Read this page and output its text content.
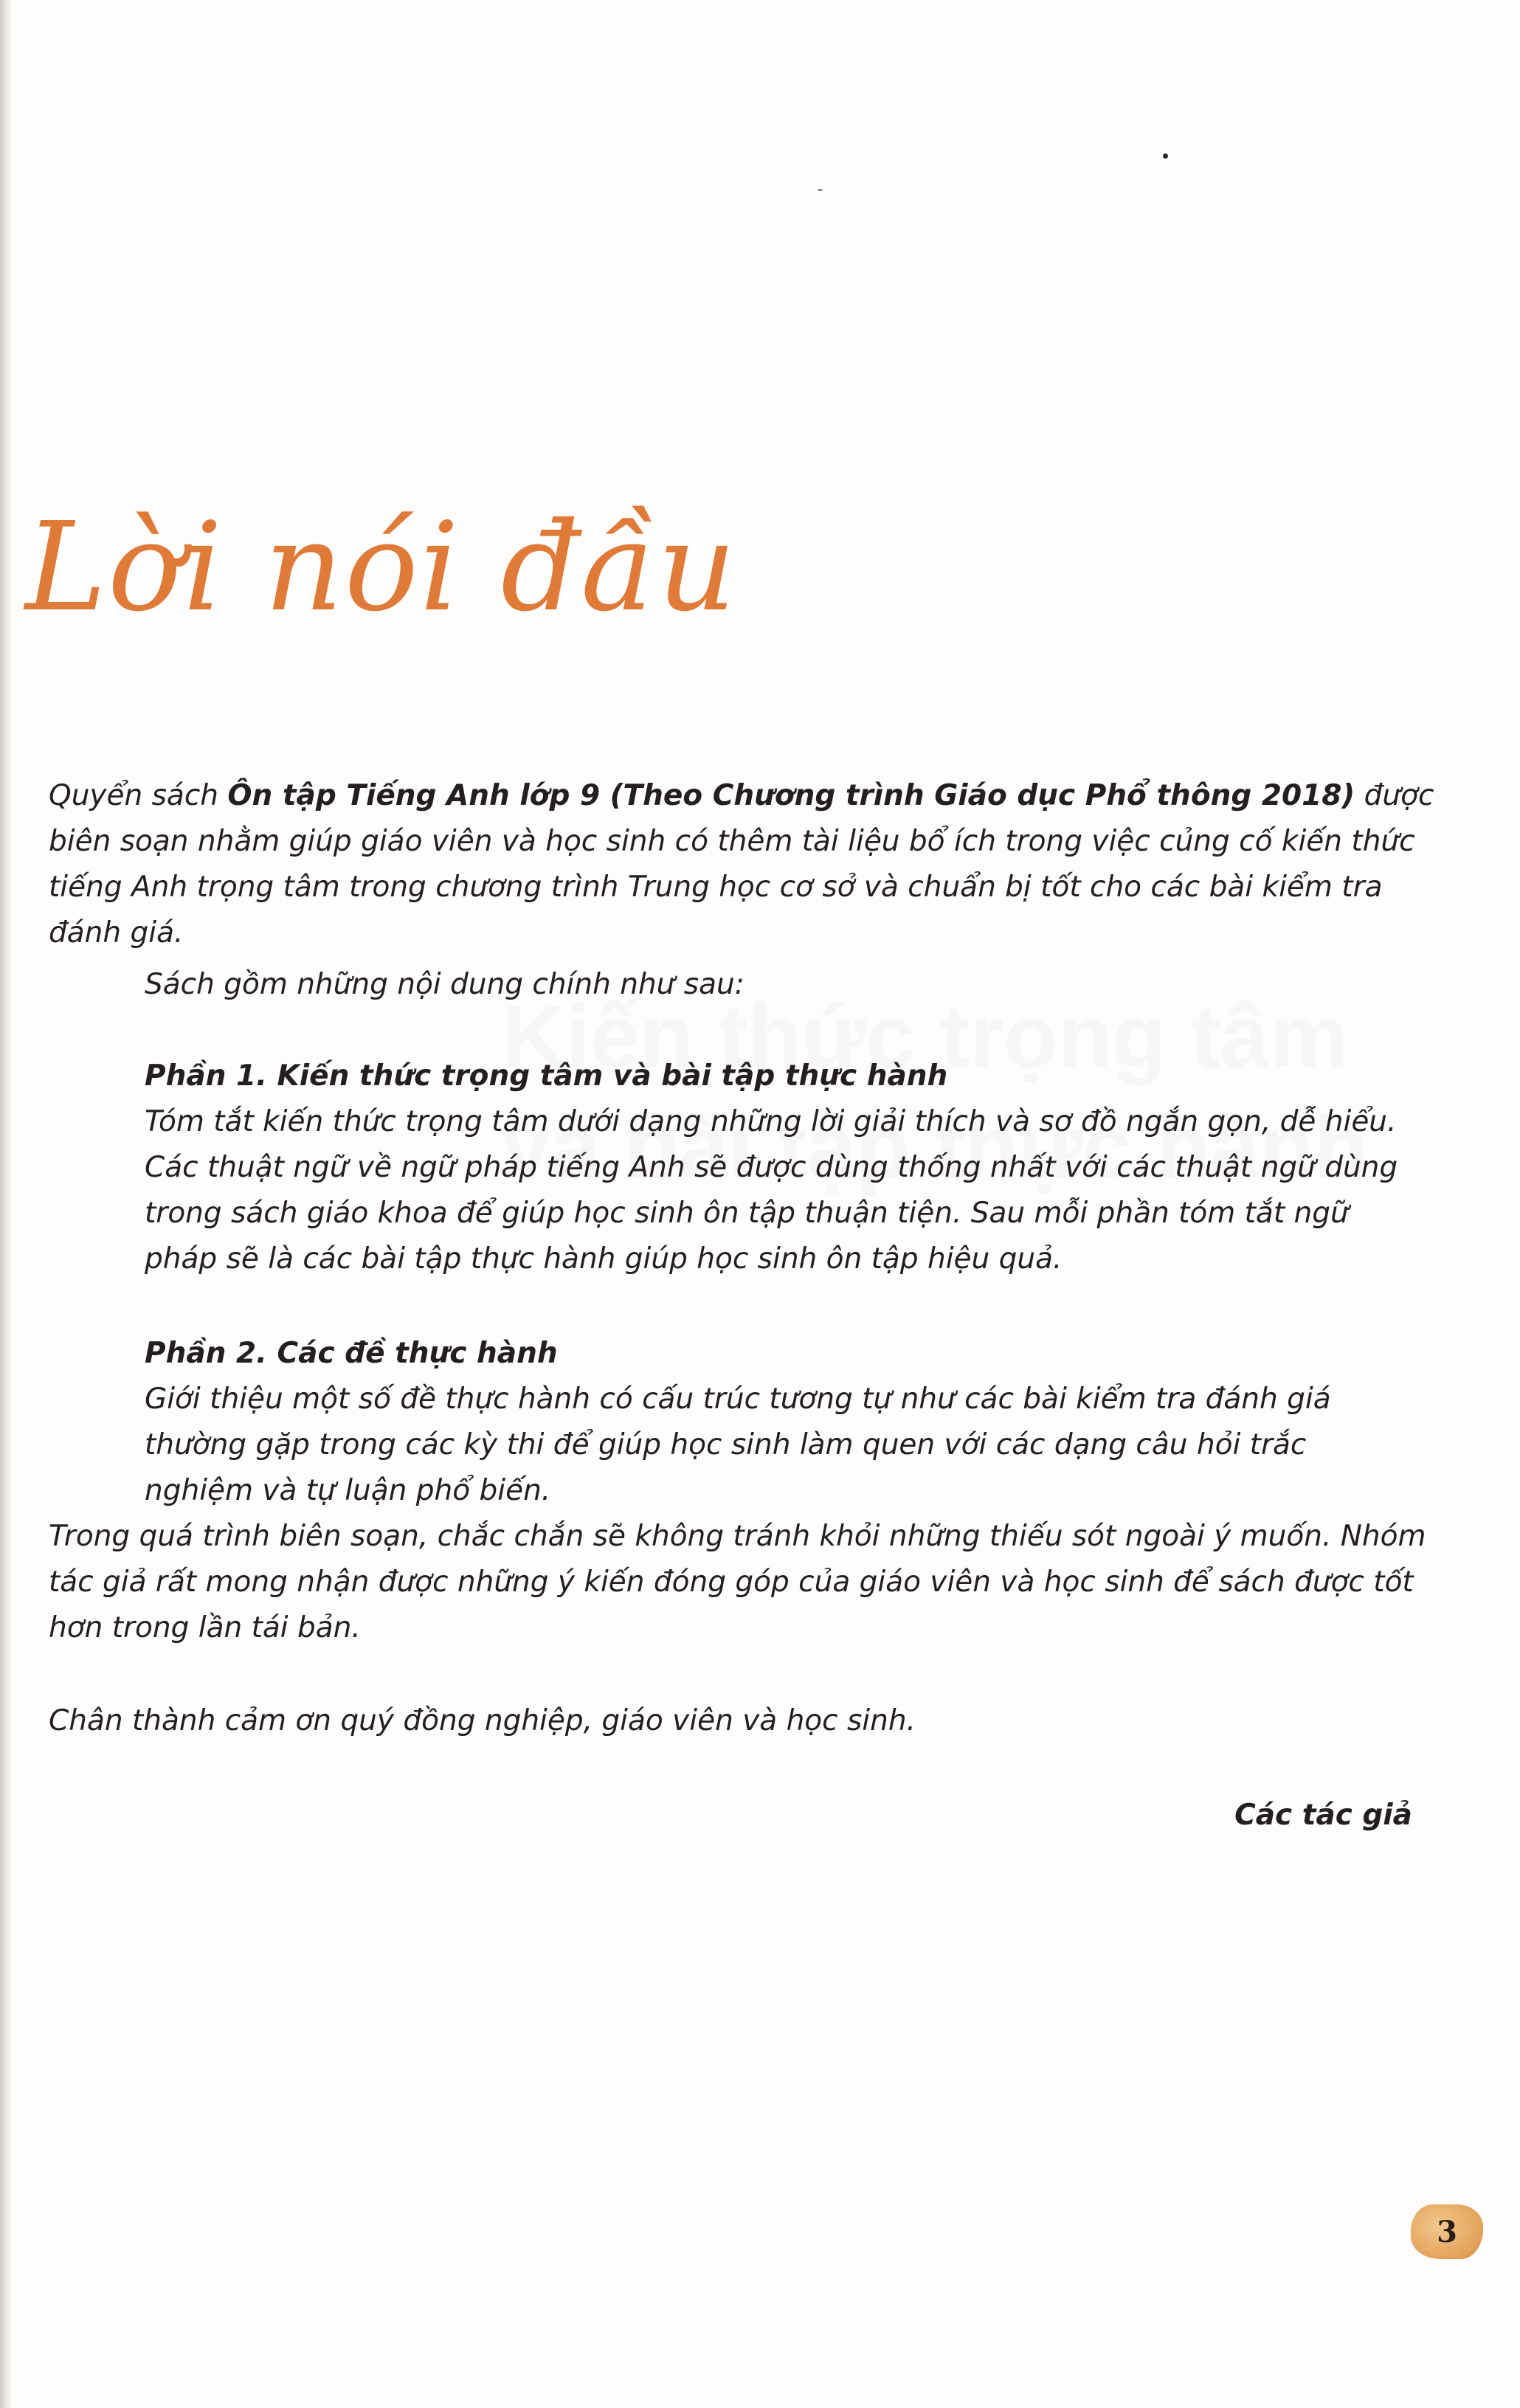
Lời nói đầu

Quyển sách Ôn tập Tiếng Anh lớp 9 (Theo Chương trình Giáo dục Phổ thông 2018) được biên soạn nhằm giúp giáo viên và học sinh có thêm tài liệu bổ ích trong việc củng cố kiến thức tiếng Anh trọng tâm trong chương trình Trung học cơ sở và chuẩn bị tốt cho các bài kiểm tra đánh giá.

Sách gồm những nội dung chính như sau:

Phần 1. Kiến thức trọng tâm và bài tập thực hành
Tóm tắt kiến thức trọng tâm dưới dạng những lời giải thích và sơ đồ ngắn gọn, dễ hiểu. Các thuật ngữ về ngữ pháp tiếng Anh sẽ được dùng thống nhất với các thuật ngữ dùng trong sách giáo khoa để giúp học sinh ôn tập thuận tiện. Sau mỗi phần tóm tắt ngữ pháp sẽ là các bài tập thực hành giúp học sinh ôn tập hiệu quả.
Phần 2. Các đề thực hành
Giới thiệu một số đề thực hành có cấu trúc tương tự như các bài kiểm tra đánh giá thường gặp trong các kỳ thi để giúp học sinh làm quen với các dạng câu hỏi trắc nghiệm và tự luận phổ biến.

Trong quá trình biên soạn, chắc chắn sẽ không tránh khỏi những thiếu sót ngoài ý muốn. Nhóm tác giả rất mong nhận được những ý kiến đóng góp của giáo viên và học sinh để sách được tốt hơn trong lần tái bản.

Chân thành cảm ơn quý đồng nghiệp, giáo viên và học sinh.

Các tác giả

3
